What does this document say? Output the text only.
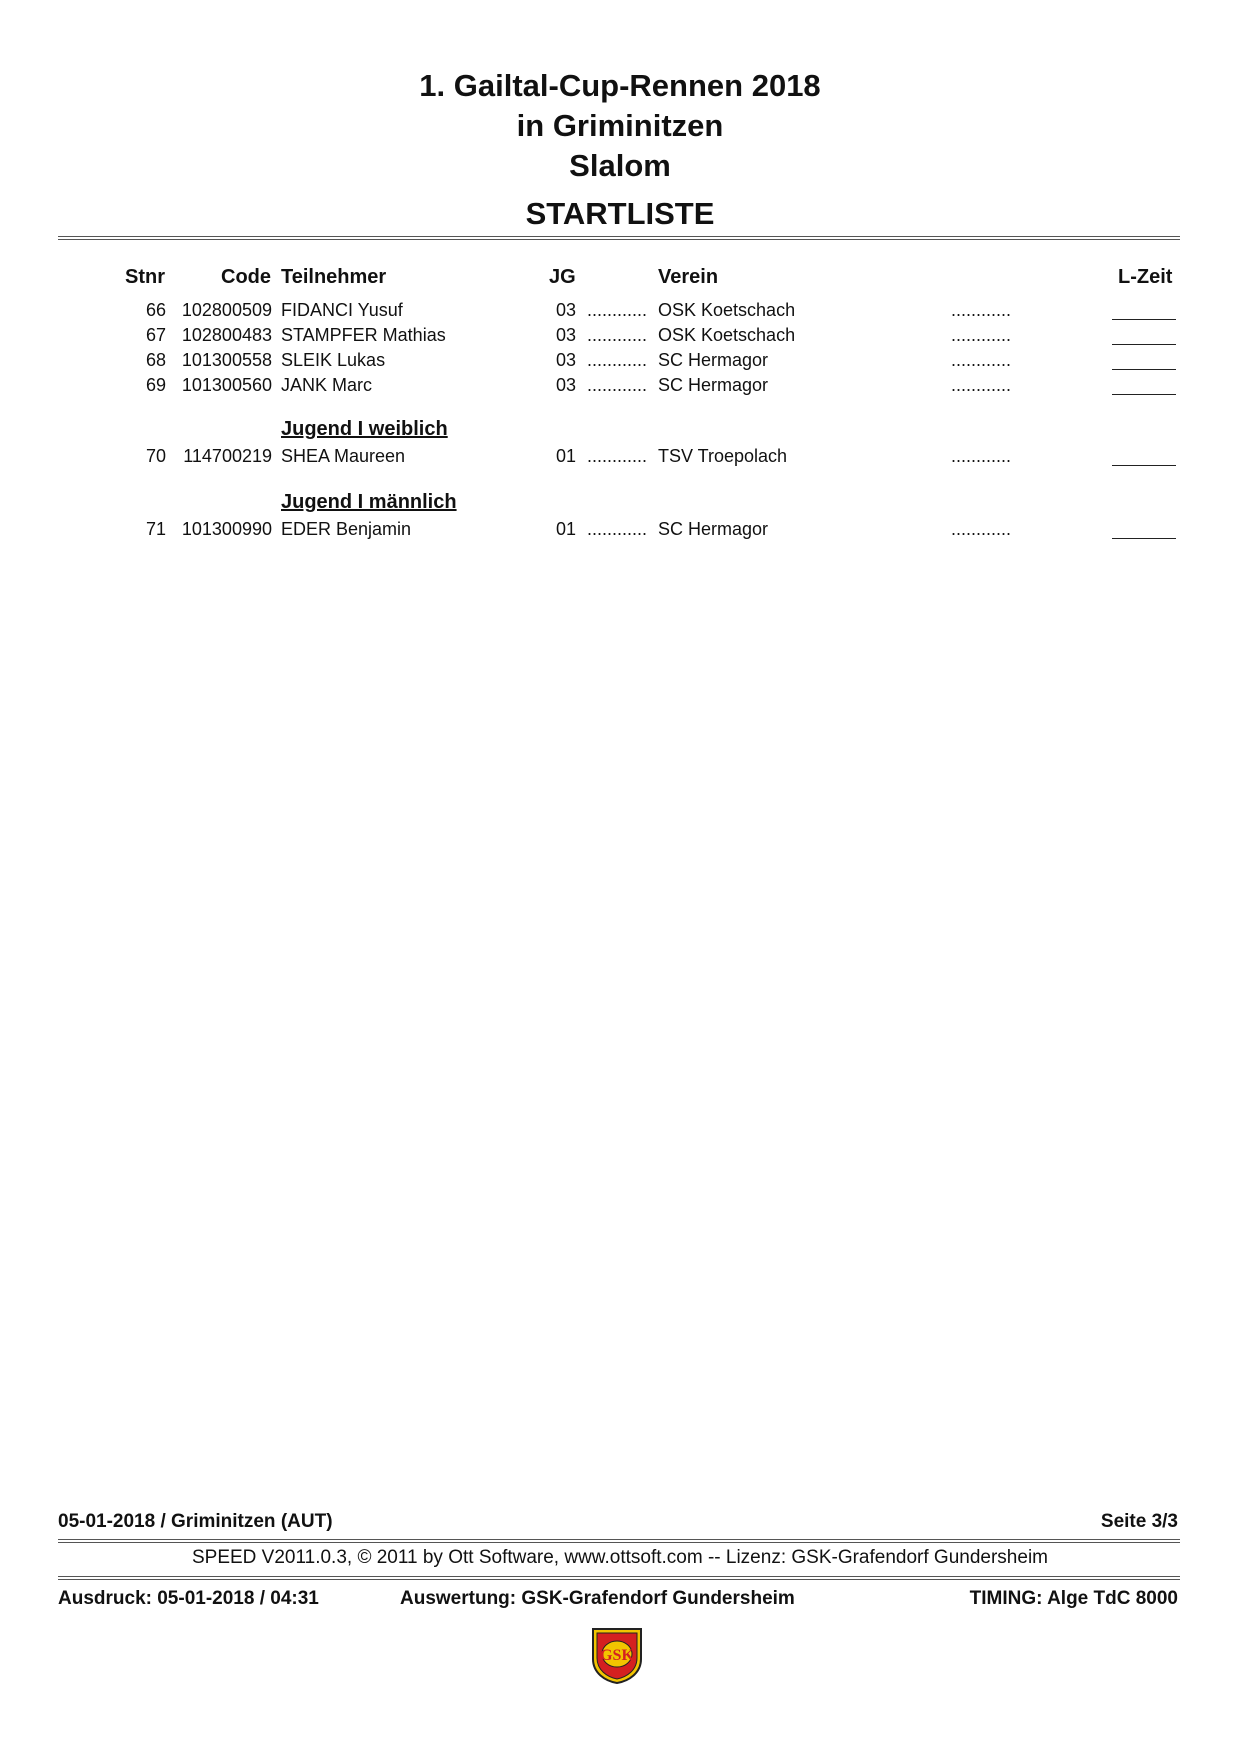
1. Gailtal-Cup-Rennen 2018
in Griminitzen
Slalom
STARTLISTE
Stnr	Code Teilnehmer	JG	Verein	L-Zeit
66 102800509 FIDANCI Yusuf	03 ............ OSK Koetschach	............
67 102800483 STAMPFER Mathias	03 ............ OSK Koetschach	............
68 101300558 SLEIK Lukas	03 ............ SC Hermagor	............
69 101300560 JANK Marc	03 ............ SC Hermagor	............
Jugend I weiblich
70 114700219 SHEA Maureen	01 ............ TSV Troepolach	............
Jugend I männlich
71 101300990 EDER Benjamin	01 ............ SC Hermagor	............
05-01-2018 / Griminitzen (AUT)	Seite 3/3
SPEED V2011.0.3, © 2011 by Ott Software, www.ottsoft.com -- Lizenz: GSK-Grafendorf Gundersheim
Ausdruck: 05-01-2018 / 04:31	Auswertung: GSK-Grafendorf Gundersheim	TIMING: Alge TdC 8000
GSK
